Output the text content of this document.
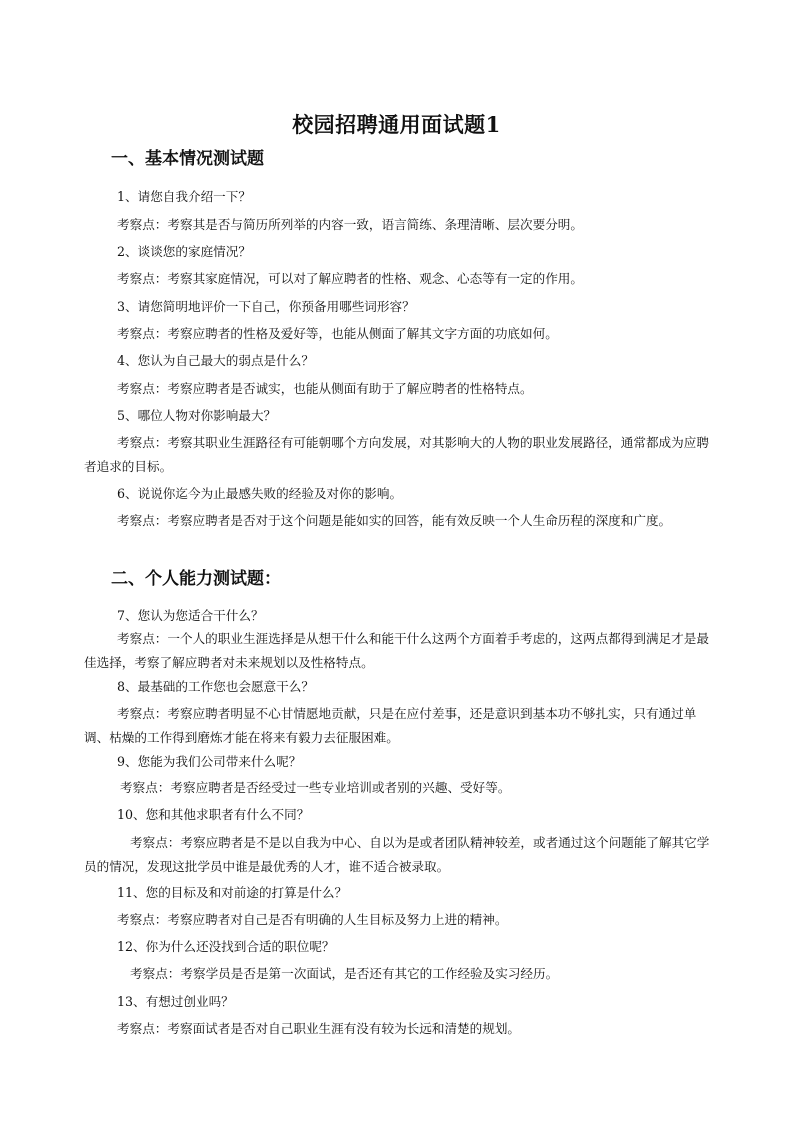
校园招聘通用面试题1
一、基本情况测试题

1、请您自我介绍一下？

考察点：考察其是否与简历所列举的内容一致，语言简练、条理清晰、层次要分明。

2、谈谈您的家庭情况？

考察点：考察其家庭情况，可以对了解应聘者的性格、观念、心态等有一定的作用。

3、请您简明地评价一下自己，你预备用哪些词形容？

考察点：考察应聘者的性格及爱好等，也能从侧面了解其文字方面的功底如何。

4、您认为自己最大的弱点是什么？

考察点：考察应聘者是否诚实，也能从侧面有助于了解应聘者的性格特点。

5、哪位人物对你影响最大？

考察点：考察其职业生涯路径有可能朝哪个方向发展，对其影响大的人物的职业发展路径，通常都成为应聘者追求的目标。

6、说说你迄今为止最感失败的经验及对你的影响。

考察点：考察应聘者是否对于这个问题是能如实的回答，能有效反映一个人生命历程的深度和广度。

二、个人能力测试题：

7、您认为您适合干什么？

考察点：一个人的职业生涯选择是从想干什么和能干什么这两个方面着手考虑的，这两点都得到满足才是最佳选择，考察了解应聘者对未来规划以及性格特点。

8、最基础的工作您也会愿意干么？

考察点：考察应聘者明显不心甘情愿地贡献，只是在应付差事，还是意识到基本功不够扎实，只有通过单调、枯燥的工作得到磨炼才能在将来有毅力去征服困难。

9、您能为我们公司带来什么呢？

考察点：考察应聘者是否经受过一些专业培训或者别的兴趣、受好等。

10、您和其他求职者有什么不同？

考察点：考察应聘者是不是以自我为中心、自以为是或者团队精神较差，或者通过这个问题能了解其它学员的情况，发现这批学员中谁是最优秀的人才，谁不适合被录取。

11、您的目标及和对前途的打算是什么？

考察点：考察应聘者对自己是否有明确的人生目标及努力上进的精神。

12、你为什么还没找到合适的职位呢？

考察点：考察学员是否是第一次面试，是否还有其它的工作经验及实习经历。

13、有想过创业吗？

考察点：考察面试者是否对自己职业生涯有没有较为长远和清楚的规划。
